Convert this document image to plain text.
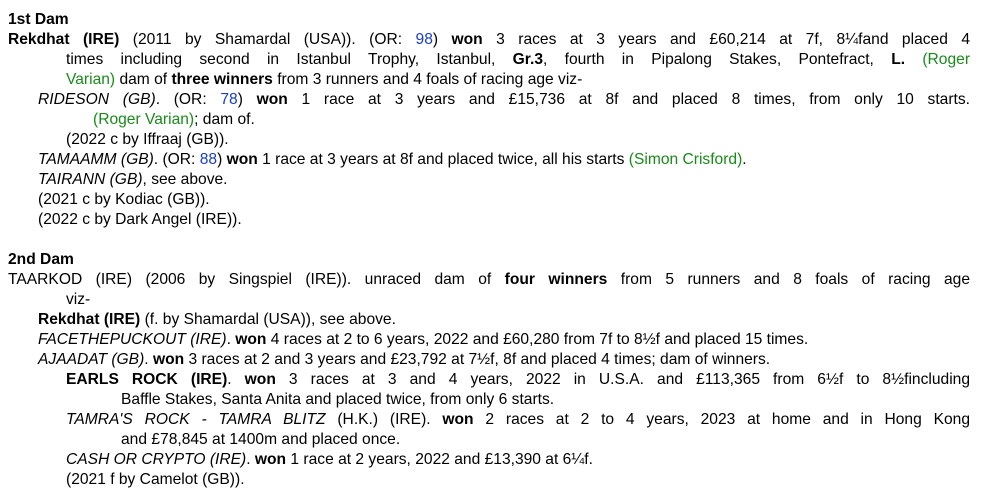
1st Dam
Rekdhat (IRE) (2011 by Shamardal (USA)). (OR: 98) won 3 races at 3 years and £60,214 at 7f, 8¼fand placed 4
times including second in Istanbul Trophy, Istanbul, Gr.3, fourth in Pipalong Stakes, Pontefract, L. (Roger
Varian) dam of three winners from 3 runners and 4 foals of racing age viz-
RIDESON (GB). (OR: 78) won 1 race at 3 years and £15,736 at 8f and placed 8 times, from only 10 starts.
(Roger Varian); dam of.
(2022 c by Iffraaj (GB)).
TAMAAMM (GB). (OR: 88) won 1 race at 3 years at 8f and placed twice, all his starts (Simon Crisford).
TAIRANN (GB), see above.
(2021 c by Kodiac (GB)).
(2022 c by Dark Angel (IRE)).
2nd Dam
TAARKOD (IRE) (2006 by Singspiel (IRE)). unraced dam of four winners from 5 runners and 8 foals of racing age
viz-
Rekdhat (IRE) (f. by Shamardal (USA)), see above.
FACETHEPUCKOUT (IRE). won 4 races at 2 to 6 years, 2022 and £60,280 from 7f to 8½f and placed 15 times.
AJAADAT (GB). won 3 races at 2 and 3 years and £23,792 at 7½f, 8f and placed 4 times; dam of winners.
EARLS ROCK (IRE). won 3 races at 3 and 4 years, 2022 in U.S.A. and £113,365 from 6½f to 8½fincluding
Baffle Stakes, Santa Anita and placed twice, from only 6 starts.
TAMRA'S ROCK - TAMRA BLITZ (H.K.) (IRE). won 2 races at 2 to 4 years, 2023 at home and in Hong Kong
and £78,845 at 1400m and placed once.
CASH OR CRYPTO (IRE). won 1 race at 2 years, 2022 and £13,390 at 6¼f.
(2021 f by Camelot (GB)).
